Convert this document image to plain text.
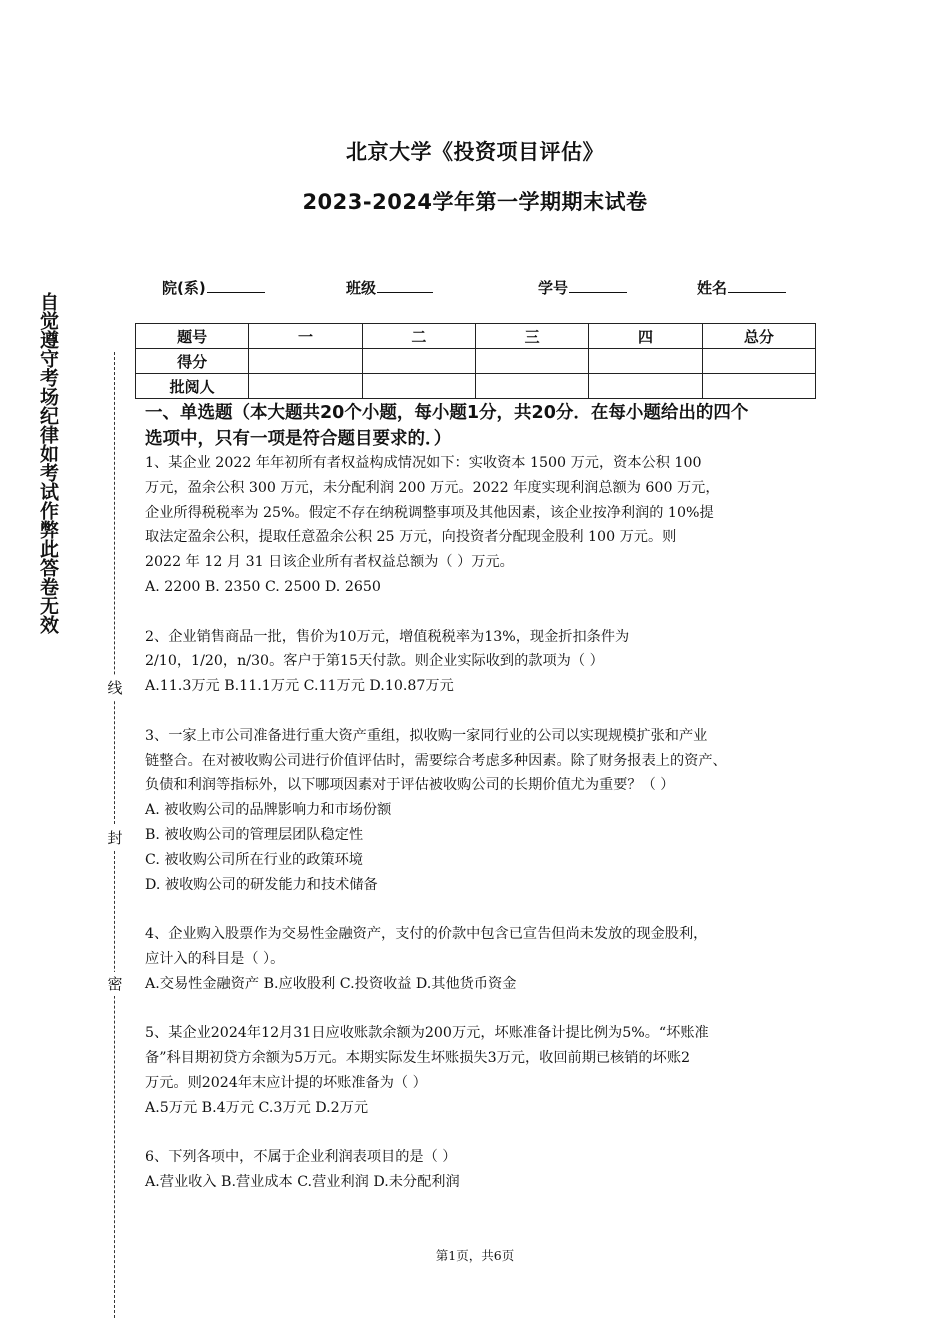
北京大学《投资项目评估》
2023-2024学年第一学期期末试卷
自觉遵守考场纪律如考试作弊此答卷无效
线
封
密
院(系)	班级	学号	姓名
题号	一	二	三	四	总分
得分					
批阅人					
一、单选题（本大题共20个小题，每小题1分，共20分．在每小题给出的四个
选项中，只有一项是符合题目要求的．）
1、某企业 2022 年年初所有者权益构成情况如下：实收资本 1500 万元，资本公积 100
万元，盈余公积 300 万元，未分配利润 200 万元。2022 年度实现利润总额为 600 万元，
企业所得税税率为 25%。假定不存在纳税调整事项及其他因素，该企业按净利润的 10%提
取法定盈余公积，提取任意盈余公积 25 万元，向投资者分配现金股利 100 万元。则
2022 年 12 月 31 日该企业所有者权益总额为（ ）万元。
A. 2200 B. 2350 C. 2500 D. 2650
2、企业销售商品一批，售价为10万元，增值税税率为13%，现金折扣条件为
2/10，1/20，n/30。客户于第15天付款。则企业实际收到的款项为（ ）
A.11.3万元 B.11.1万元 C.11万元 D.10.87万元
3、一家上市公司准备进行重大资产重组，拟收购一家同行业的公司以实现规模扩张和产业
链整合。在对被收购公司进行价值评估时，需要综合考虑多种因素。除了财务报表上的资产、
负债和利润等指标外，以下哪项因素对于评估被收购公司的长期价值尤为重要？（ ）
A. 被收购公司的品牌影响力和市场份额
B. 被收购公司的管理层团队稳定性
C. 被收购公司所在行业的政策环境
D. 被收购公司的研发能力和技术储备
4、企业购入股票作为交易性金融资产，支付的价款中包含已宣告但尚未发放的现金股利，
应计入的科目是（ ）。
A.交易性金融资产 B.应收股利 C.投资收益 D.其他货币资金
5、某企业2024年12月31日应收账款余额为200万元，坏账准备计提比例为5%。“坏账准
备”科目期初贷方余额为5万元。本期实际发生坏账损失3万元，收回前期已核销的坏账2
万元。则2024年末应计提的坏账准备为（ ）
A.5万元 B.4万元 C.3万元 D.2万元
6、下列各项中，不属于企业利润表项目的是（ ）
A.营业收入 B.营业成本 C.营业利润 D.未分配利润
第1页，共6页
